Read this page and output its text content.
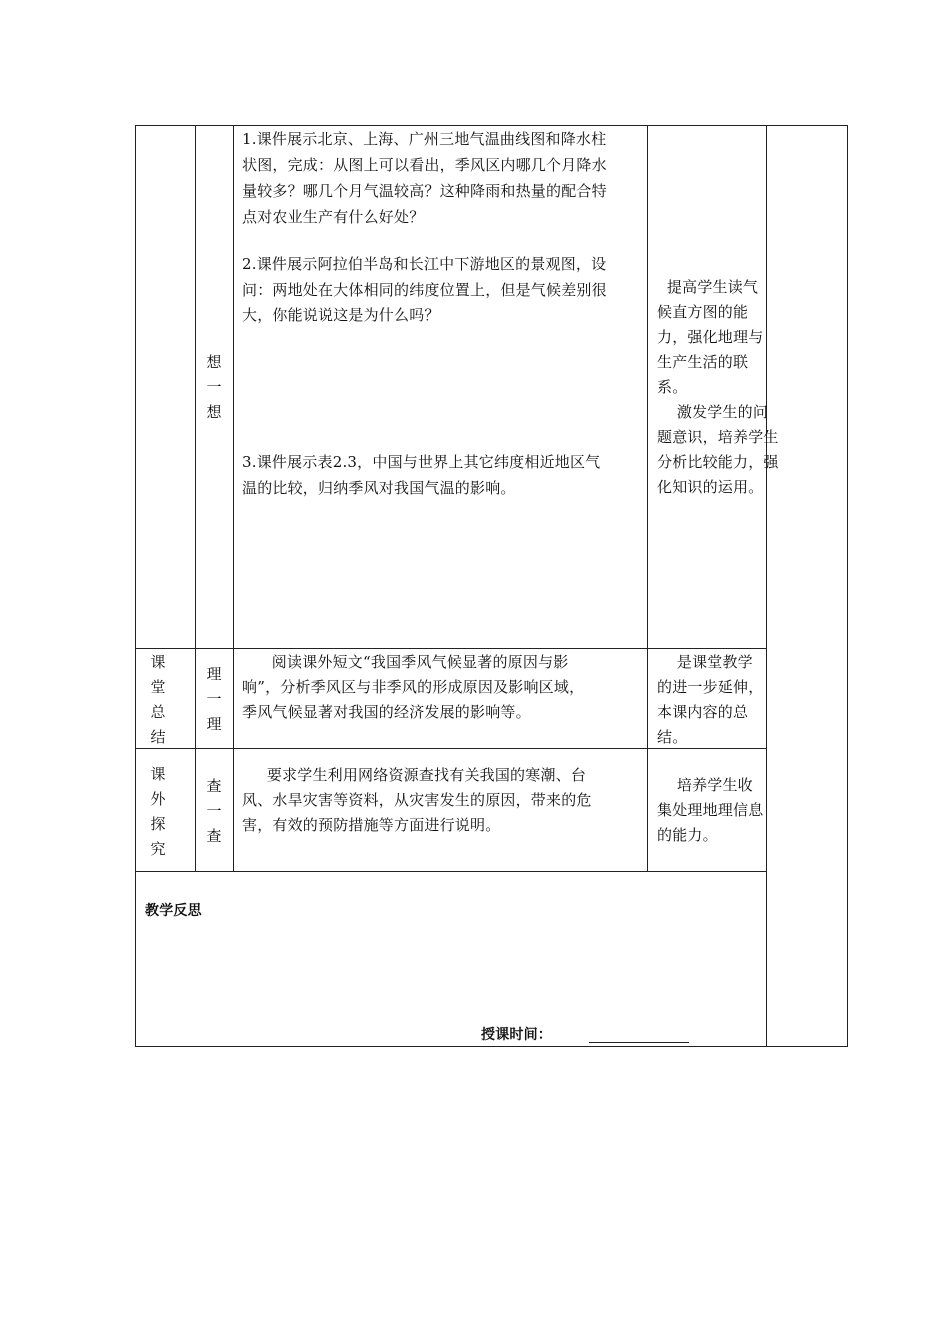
想
一
想
1.课件展示北京、上海、广州三地气温曲线图和降水柱
状图，完成：从图上可以看出，季风区内哪几个月降水
量较多？哪几个月气温较高？这种降雨和热量的配合特
点对农业生产有什么好处？
2.课件展示阿拉伯半岛和长江中下游地区的景观图，设
问：两地处在大体相同的纬度位置上，但是气候差别很
大，你能说说这是为什么吗？
3.课件展示表2.3，中国与世界上其它纬度相近地区气
温的比较，归纳季风对我国气温的影响。
提高学生读气
候直方图的能
力，强化地理与
生产生活的联
系。
激发学生的问
题意识，培养学生
分析比较能力，强
化知识的运用。
课
堂
总
结
理
一
理
阅读课外短文“我国季风气候显著的原因与影
响”，分析季风区与非季风的形成原因及影响区域，
季风气候显著对我国的经济发展的影响等。
是课堂教学
的进一步延伸，
本课内容的总
结。
课
外
探
究
查
一
查
要求学生利用网络资源查找有关我国的寒潮、台
风、水旱灾害等资料，从灾害发生的原因，带来的危
害，有效的预防措施等方面进行说明。
培养学生收
集处理地理信息
的能力。
教学反思
授课时间：
